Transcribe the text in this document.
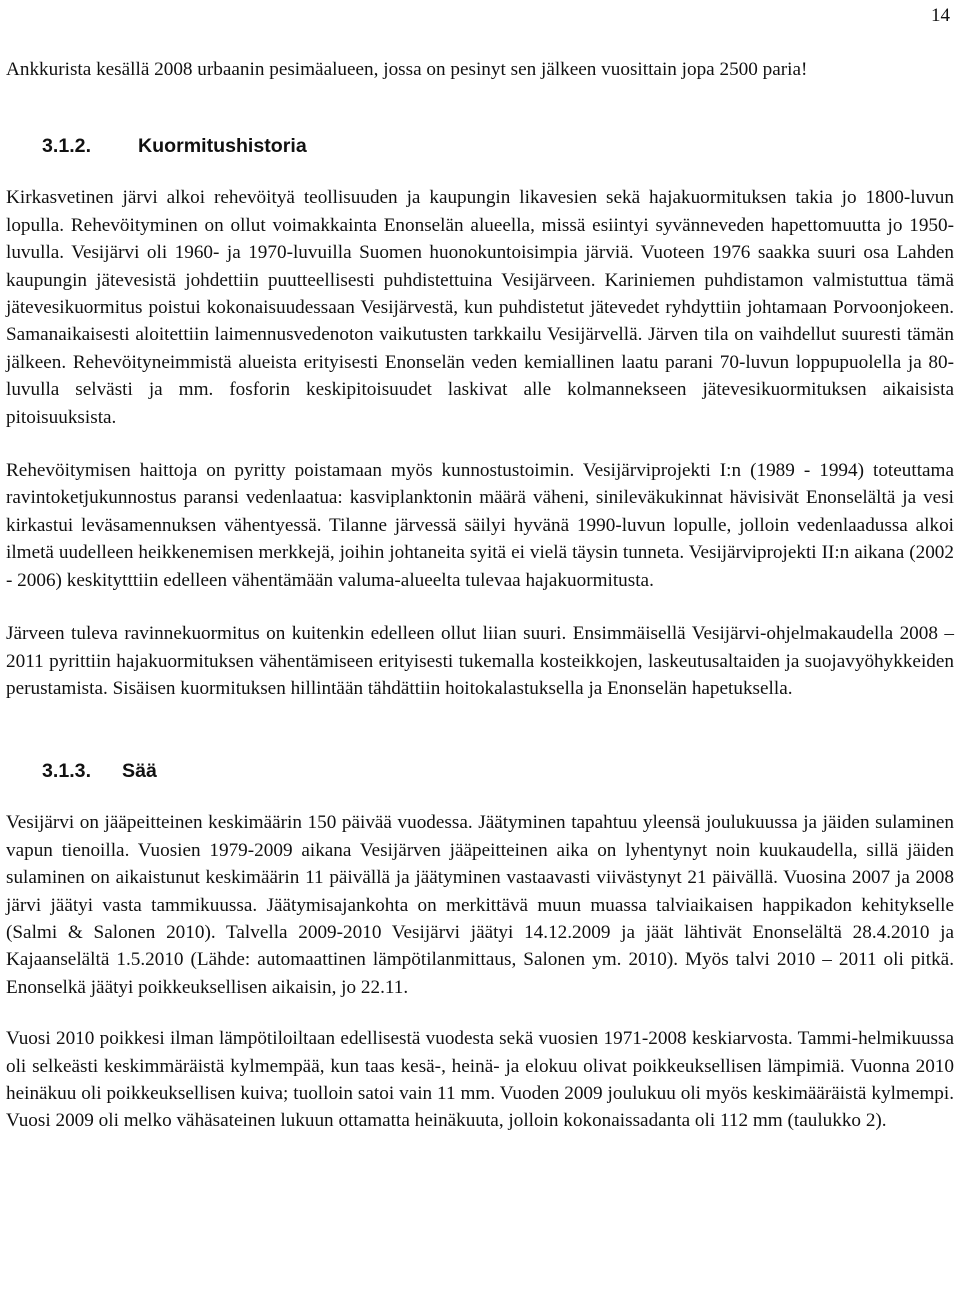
14

Ankkurista kesällä 2008 urbaanin pesimäalueen, jossa on pesinyt sen jälkeen vuosittain jopa 2500 paria!

3.1.2. Kuormitushistoria

Kirkasvetinen järvi alkoi rehevöityä teollisuuden ja kaupungin likavesien sekä hajakuormituksen takia jo 1800-luvun lopulla. Rehevöityminen on ollut voimakkainta Enonselän alueella, missä esiintyi syvänneveden hapettomuutta jo 1950-luvulla. Vesijärvi oli 1960- ja 1970-luvuilla Suomen huonokuntoisimpia järviä. Vuoteen 1976 saakka suuri osa Lahden kaupungin jätevesistä johdettiin puutteellisesti puhdistettuina Vesijärveen. Kariniemen puhdistamon valmistuttua tämä jätevesikuormitus poistui kokonaisuudessaan Vesijärvestä, kun puhdistetut jätevedet ryhdyttiin johtamaan Porvoonjokeen. Samanaikaisesti aloitettiin laimennusvedenoton vaikutusten tarkkailu Vesijärvellä. Järven tila on vaihdellut suuresti tämän jälkeen. Rehevöityneimmistä alueista erityisesti Enonselän veden kemiallinen laatu parani 70-luvun loppupuolella ja 80-luvulla selvästi ja mm. fosforin keskipitoisuudet laskivat alle kolmannekseen jätevesikuormituksen aikaisista pitoisuuksista.

Rehevöitymisen haittoja on pyritty poistamaan myös kunnostustoimin. Vesijärviprojekti I:n (1989 - 1994) toteuttama ravintoketjukunnostus paransi vedenlaatua: kasviplanktonin määrä väheni, sinileväkukinnat hävisivät Enonselältä ja vesi kirkastui leväsamennuksen vähentyessä. Tilanne järvessä säilyi hyvänä 1990-luvun lopulle, jolloin vedenlaadussa alkoi ilmetä uudelleen heikkenemisen merkkejä, joihin johtaneita syitä ei vielä täysin tunneta. Vesijärviprojekti II:n aikana (2002 - 2006) keskitytttiin edelleen vähentämään valuma-alueelta tulevaa hajakuormitusta.

Järveen tuleva ravinnekuormitus on kuitenkin edelleen ollut liian suuri. Ensimmäisellä Vesijärvi-ohjelmakaudella 2008 – 2011 pyrittiin hajakuormituksen vähentämiseen erityisesti tukemalla kosteikkojen, laskeutusaltaiden ja suojavyöhykkeiden perustamista. Sisäisen kuormituksen hillintään tähdättiin hoitokalastuksella ja Enonselän hapetuksella.

3.1.3. Sää

Vesijärvi on jääpeitteinen keskimäärin 150 päivää vuodessa. Jäätyminen tapahtuu yleensä joulukuussa ja jäiden sulaminen vapun tienoilla. Vuosien 1979-2009 aikana Vesijärven jääpeitteinen aika on lyhentynyt noin kuukaudella, sillä jäiden sulaminen on aikaistunut keskimäärin 11 päivällä ja jäätyminen vastaavasti viivästynyt 21 päivällä. Vuosina 2007 ja 2008 järvi jäätyi vasta tammikuussa. Jäätymisajankohta on merkittävä muun muassa talviaikaisen happikadon kehitykselle (Salmi & Salonen 2010). Talvella 2009-2010 Vesijärvi jäätyi 14.12.2009 ja jäät lähtivät Enonselältä 28.4.2010 ja Kajaanselältä 1.5.2010 (Lähde: automaattinen lämpötilanmittaus, Salonen ym. 2010). Myös talvi 2010 – 2011 oli pitkä. Enonselkä jäätyi poikkeuksellisen aikaisin, jo 22.11.

Vuosi 2010 poikkesi ilman lämpötiloiltaan edellisestä vuodesta sekä vuosien 1971-2008 keskiarvosta. Tammi-helmikuussa oli selkeästi keskimmäräistä kylmempää, kun taas kesä-, heinä- ja elokuu olivat poikkeuksellisen lämpimiä. Vuonna 2010 heinäkuu oli poikkeuksellisen kuiva; tuolloin satoi vain 11 mm. Vuoden 2009 joulukuu oli myös keskimääräistä kylmempi. Vuosi 2009 oli melko vähäsateinen lukuun ottamatta heinäkuuta, jolloin kokonaissadanta oli 112 mm (taulukko 2).
